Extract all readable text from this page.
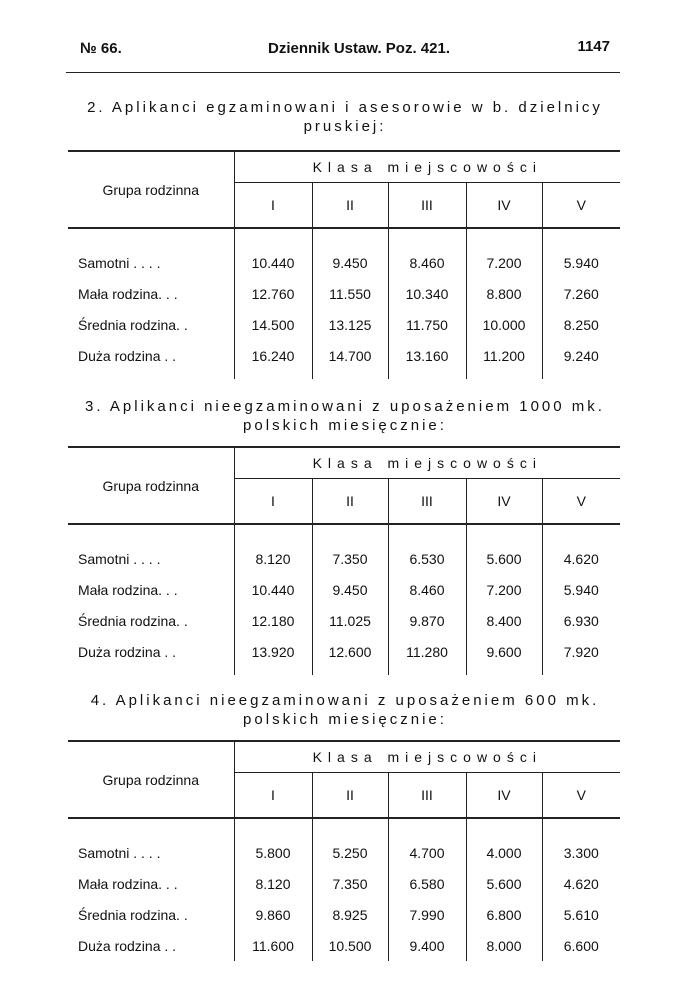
№ 66.	Dziennik Ustaw. Poz. 421.	1147
2. Aplikanci egzaminowani i asesorowie w b. dzielnicy
pruskiej:
Grupa rodzinna	Klasa miejscowości				
	I	II	III	IV	V

Samotni . . . .	10.440	9.450	8.460	7.200	5.940
Mała rodzina. . .	12.760	11.550	10.340	8.800	7.260
Średnia rodzina. .	14.500	13.125	11.750	10.000	8.250
Duża rodzina . .	16.240	14.700	13.160	11.200	9.240

3. Aplikanci nieegzaminowani z uposażeniem 1000 mk.
polskich miesięcznie:
Grupa rodzinna	Klasa miejscowości				
	I	II	III	IV	V

Samotni . . . .	8.120	7.350	6.530	5.600	4.620
Mała rodzina. . .	10.440	9.450	8.460	7.200	5.940
Średnia rodzina. .	12.180	11.025	9.870	8.400	6.930
Duża rodzina . .	13.920	12.600	11.280	9.600	7.920

4. Aplikanci nieegzaminowani z uposażeniem 600 mk.
polskich miesięcznie:
Grupa rodzinna	Klasa miejscowości				
	I	II	III	IV	V

Samotni . . . .	5.800	5.250	4.700	4.000	3.300
Mała rodzina. . .	8.120	7.350	6.580	5.600	4.620
Średnia rodzina. .	9.860	8.925	7.990	6.800	5.610
Duża rodzina . .	11.600	10.500	9.400	8.000	6.600
